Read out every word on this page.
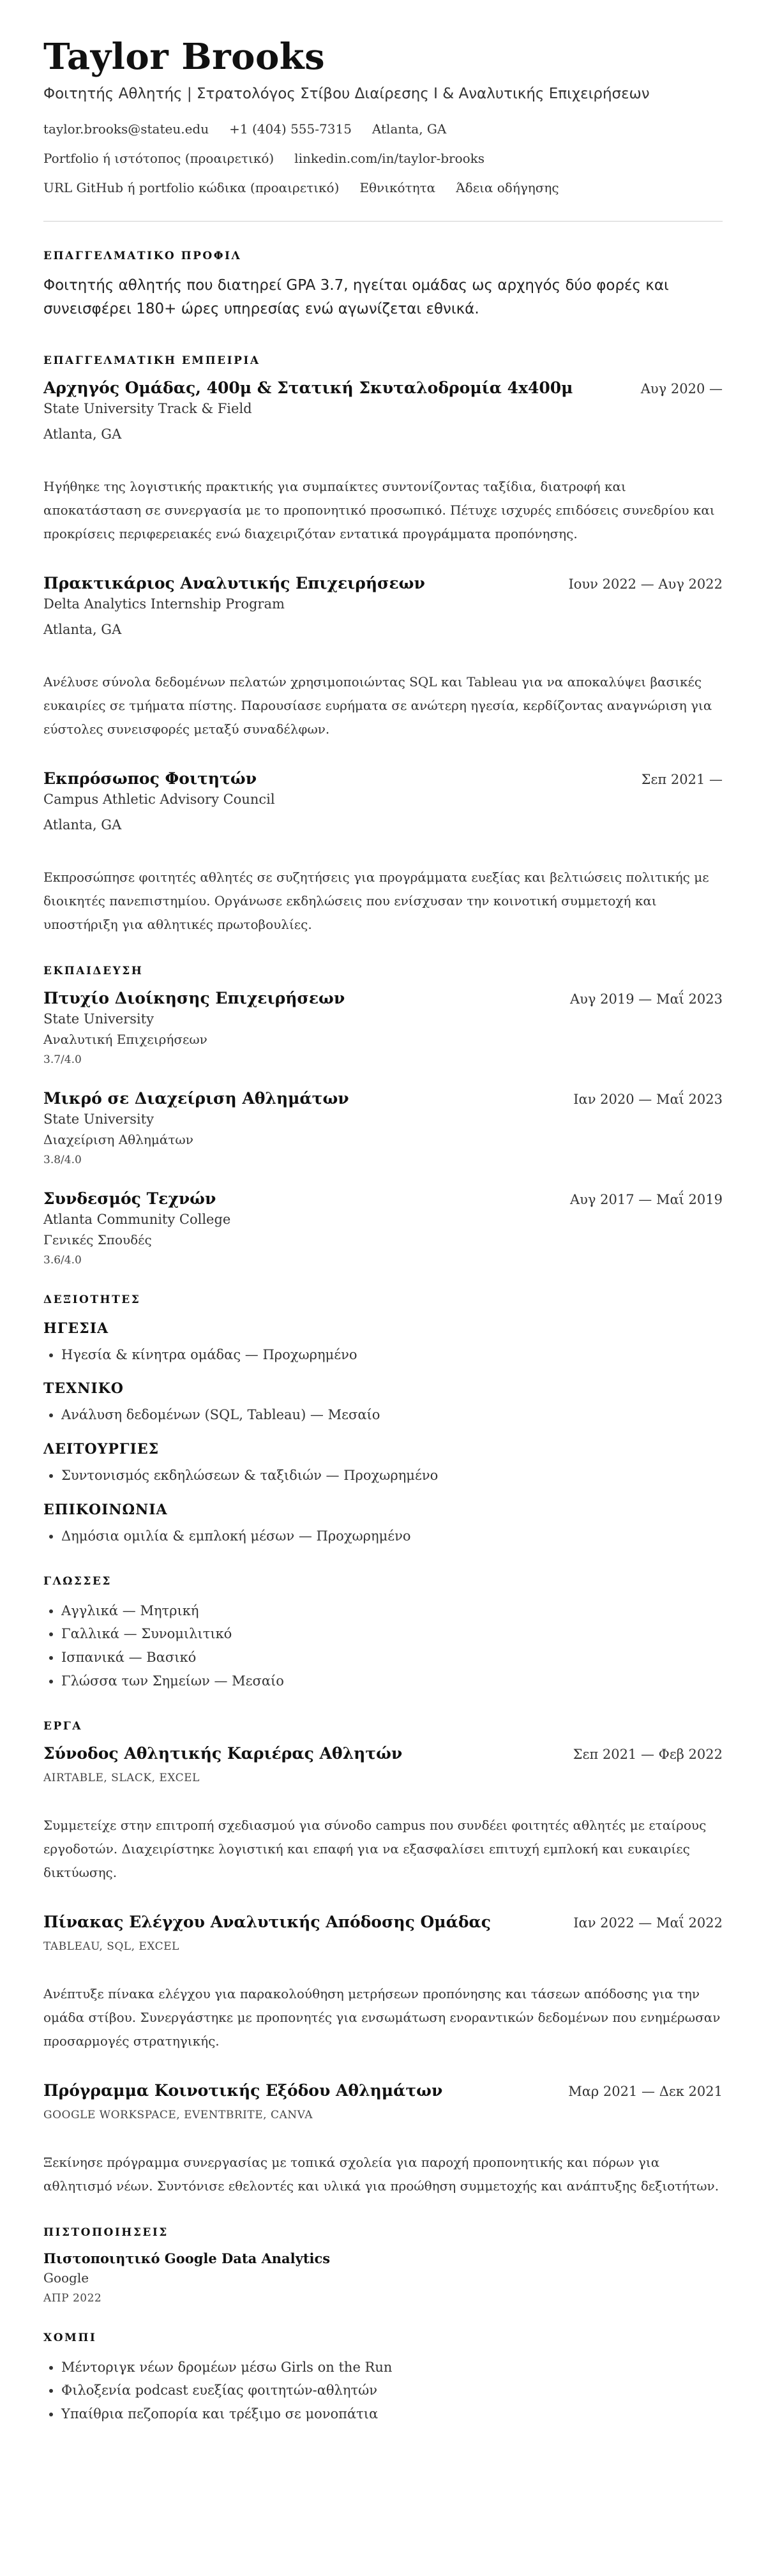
Taylor Brooks
Φοιτητής Αθλητής | Στρατολόγος Στίβου Διαίρεσης I & Αναλυτικής Επιχειρήσεων
taylor.brooks@stateu.edu +1 (404) 555-7315 Atlanta, GA
Portfolio ή ιστότοπος (προαιρετικό) linkedin.com/in/taylor-brooks
URL GitHub ή portfolio κώδικα (προαιρετικό) Εθνικότητα Άδεια οδήγησης
ΕΠΑΓΓΕΛΜΑΤΙΚΟ ΠΡΟΦΙΛ
Φοιτητής αθλητής που διατηρεί GPA 3.7, ηγείται ομάδας ως αρχηγός δύο φορές και συνεισφέρει 180+ ώρες υπηρεσίας ενώ αγωνίζεται εθνικά.
ΕΠΑΓΓΕΛΜΑΤΙΚΗ ΕΜΠΕΙΡΙΑ
Αρχηγός Ομάδας, 400μ & Στατική Σκυταλοδρομία 4x400μ	Αυγ 2020 —
State University Track & Field
Atlanta, GA
Ηγήθηκε της λογιστικής πρακτικής για συμπαίκτες συντονίζοντας ταξίδια, διατροφή και αποκατάσταση σε συνεργασία με το προπονητικό προσωπικό. Πέτυχε ισχυρές επιδόσεις συνεδρίου και προκρίσεις περιφερειακές ενώ διαχειριζόταν εντατικά προγράμματα προπόνησης.
Πρακτικάριος Αναλυτικής Επιχειρήσεων	Ιουν 2022 — Αυγ 2022
Delta Analytics Internship Program
Atlanta, GA
Ανέλυσε σύνολα δεδομένων πελατών χρησιμοποιώντας SQL και Tableau για να αποκαλύψει βασικές ευκαιρίες σε τμήματα πίστης. Παρουσίασε ευρήματα σε ανώτερη ηγεσία, κερδίζοντας αναγνώριση για εύστολες συνεισφορές μεταξύ συναδέλφων.
Εκπρόσωπος Φοιτητών	Σεπ 2021 —
Campus Athletic Advisory Council
Atlanta, GA
Εκπροσώπησε φοιτητές αθλητές σε συζητήσεις για προγράμματα ευεξίας και βελτιώσεις πολιτικής με διοικητές πανεπιστημίου. Οργάνωσε εκδηλώσεις που ενίσχυσαν την κοινοτική συμμετοχή και υποστήριξη για αθλητικές πρωτοβουλίες.
ΕΚΠΑΙΔΕΥΣΗ
Πτυχίο Διοίκησης Επιχειρήσεων	Αυγ 2019 — Μαΐ 2023
State University
Αναλυτική Επιχειρήσεων
3.7/4.0
Μικρό σε Διαχείριση Αθλημάτων	Ιαν 2020 — Μαΐ 2023
State University
Διαχείριση Αθλημάτων
3.8/4.0
Συνδεσμός Τεχνών	Αυγ 2017 — Μαΐ 2019
Atlanta Community College
Γενικές Σπουδές
3.6/4.0
ΔΕΞΙΟΤΗΤΕΣ
ΗΓΕΣΙΑ
• Ηγεσία & κίνητρα ομάδας — Προχωρημένο
ΤΕΧΝΙΚΟ
• Ανάλυση δεδομένων (SQL, Tableau) — Μεσαίο
ΛΕΙΤΟΥΡΓΙΕΣ
• Συντονισμός εκδηλώσεων & ταξιδιών — Προχωρημένο
ΕΠΙΚΟΙΝΩΝΙΑ
• Δημόσια ομιλία & εμπλοκή μέσων — Προχωρημένο
ΓΛΩΣΣΕΣ
• Αγγλικά — Μητρική
• Γαλλικά — Συνομιλιτικό
• Ισπανικά — Βασικό
• Γλώσσα των Σημείων — Μεσαίο
ΕΡΓΑ
Σύνοδος Αθλητικής Καριέρας Αθλητών	Σεπ 2021 — Φεβ 2022
AIRTABLE, SLACK, EXCEL
Συμμετείχε στην επιτροπή σχεδιασμού για σύνοδο campus που συνδέει φοιτητές αθλητές με εταίρους εργοδοτών. Διαχειρίστηκε λογιστική και επαφή για να εξασφαλίσει επιτυχή εμπλοκή και ευκαιρίες δικτύωσης.
Πίνακας Ελέγχου Αναλυτικής Απόδοσης Ομάδας	Ιαν 2022 — Μαΐ 2022
TABLEAU, SQL, EXCEL
Ανέπτυξε πίνακα ελέγχου για παρακολούθηση μετρήσεων προπόνησης και τάσεων απόδοσης για την ομάδα στίβου. Συνεργάστηκε με προπονητές για ενσωμάτωση ενοραντικών δεδομένων που ενημέρωσαν προσαρμογές στρατηγικής.
Πρόγραμμα Κοινοτικής Εξόδου Αθλημάτων	Μαρ 2021 — Δεκ 2021
GOOGLE WORKSPACE, EVENTBRITE, CANVA
Ξεκίνησε πρόγραμμα συνεργασίας με τοπικά σχολεία για παροχή προπονητικής και πόρων για αθλητισμό νέων. Συντόνισε εθελοντές και υλικά για προώθηση συμμετοχής και ανάπτυξης δεξιοτήτων.
ΠΙΣΤΟΠΟΙΗΣΕΙΣ
Πιστοποιητικό Google Data Analytics
Google
ΑΠΡ 2022
ΧΟΜΠΙ
• Μέντοριγκ νέων δρομέων μέσω Girls on the Run
• Φιλοξενία podcast ευεξίας φοιτητών-αθλητών
• Υπαίθρια πεζοπορία και τρέξιμο σε μονοπάτια
